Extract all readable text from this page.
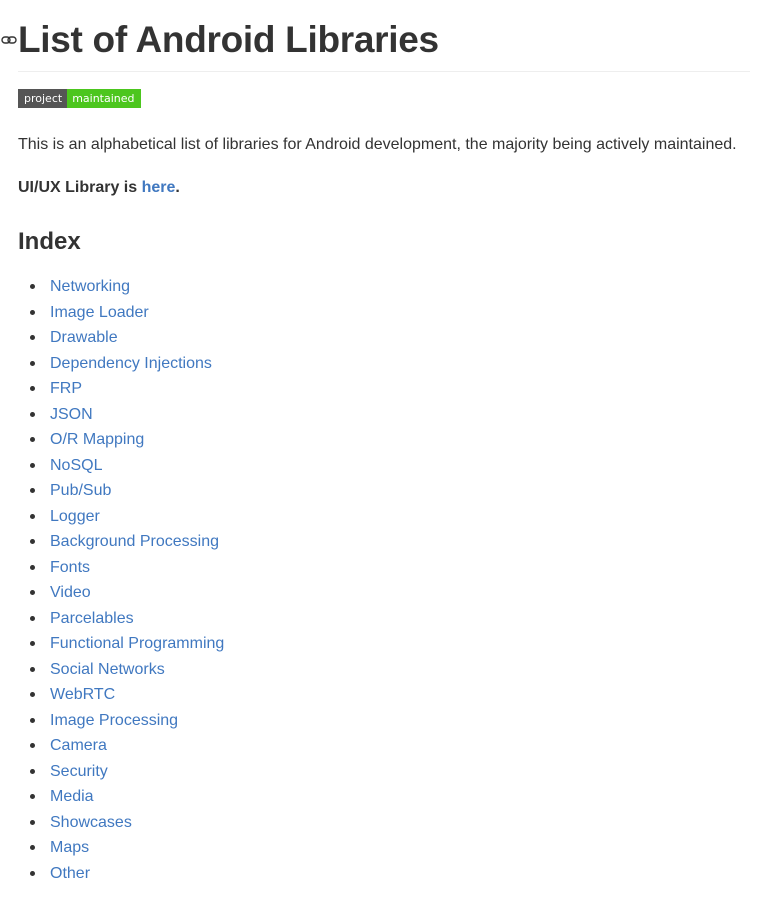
List of Android Libraries
project maintained

This is an alphabetical list of libraries for Android development, the majority being actively maintained.

UI/UX Library is here.

Index
Networking
Image Loader
Drawable
Dependency Injections
FRP
JSON
O/R Mapping
NoSQL
Pub/Sub
Logger
Background Processing
Fonts
Video
Parcelables
Functional Programming
Social Networks
WebRTC
Image Processing
Camera
Security
Media
Showcases
Maps
Other
